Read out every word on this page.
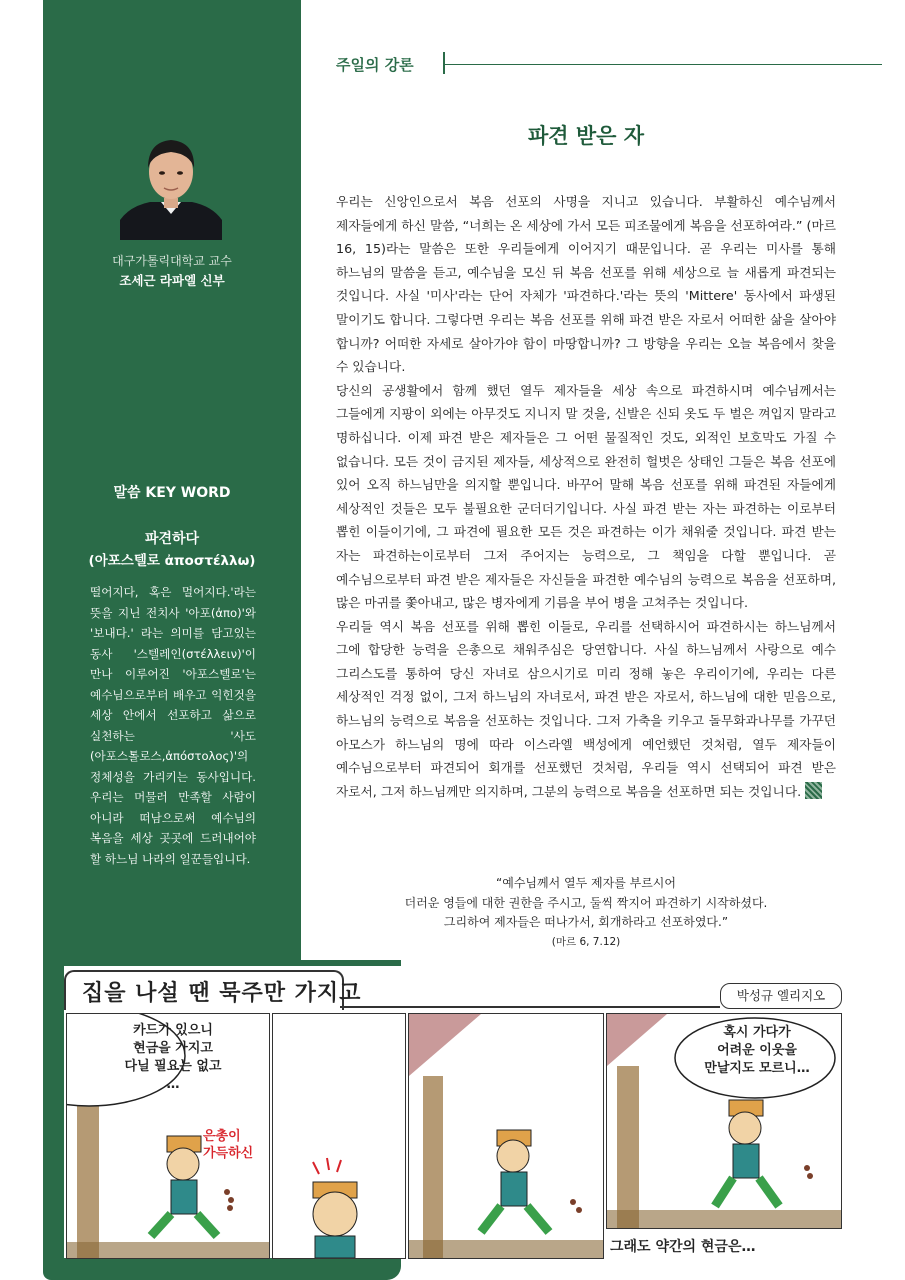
대구가톨릭대학교 교수
조세근 라파엘 신부
말씀 KEY WORD
파견하다
(아포스텔로 ἀποστέλλω)
떨어지다, 혹은 멀어지다.'라는 뜻을 지닌 전치사 '아포(ἀπο)'와 '보내다.' 라는 의미를 담고있는 동사 '스텔레인(στέλλειν)'이 만나 이루어진 '아포스텔로'는 예수님으로부터 배우고 익힌것을 세상 안에서 선포하고 삶으로 실천하는 '사도(아포스톨로스,ἀπόστολος)'의 정체성을 가리키는 동사입니다. 우리는 머물러 만족할 사람이 아니라 떠남으로써 예수님의 복음을 세상 곳곳에 드러내어야 할 하느님 나라의 일꾼들입니다.
주일의 강론
파견 받은 자

우리는 신앙인으로서 복음 선포의 사명을 지니고 있습니다. 부활하신 예수님께서 제자들에게 하신 말씀, “너희는 온 세상에 가서 모든 피조물에게 복음을 선포하여라.” (마르 16, 15)라는 말씀은 또한 우리들에게 이어지기 때문입니다. 곧 우리는 미사를 통해 하느님의 말씀을 듣고, 예수님을 모신 뒤 복음 선포를 위해 세상으로 늘 새롭게 파견되는 것입니다. 사실 '미사'라는 단어 자체가 '파견하다.'라는 뜻의 'Mittere' 동사에서 파생된 말이기도 합니다. 그렇다면 우리는 복음 선포를 위해 파견 받은 자로서 어떠한 삶을 살아야 합니까? 어떠한 자세로 살아가야 함이 마땅합니까? 그 방향을 우리는 오늘 복음에서 찾을 수 있습니다.

당신의 공생활에서 함께 했던 열두 제자들을 세상 속으로 파견하시며 예수님께서는 그들에게 지팡이 외에는 아무것도 지니지 말 것을, 신발은 신되 옷도 두 벌은 껴입지 말라고 명하십니다. 이제 파견 받은 제자들은 그 어떤 물질적인 것도, 외적인 보호막도 가질 수 없습니다. 모든 것이 금지된 제자들, 세상적으로 완전히 헐벗은 상태인 그들은 복음 선포에 있어 오직 하느님만을 의지할 뿐입니다. 바꾸어 말해 복음 선포를 위해 파견된 자들에게 세상적인 것들은 모두 불필요한 군더더기입니다. 사실 파견 받는 자는 파견하는 이로부터 뽑힌 이들이기에, 그 파견에 필요한 모든 것은 파견하는 이가 채워줄 것입니다. 파견 받는 자는 파견하는이로부터 그저 주어지는 능력으로, 그 책임을 다할 뿐입니다. 곧 예수님으로부터 파견 받은 제자들은 자신들을 파견한 예수님의 능력으로 복음을 선포하며, 많은 마귀를 쫓아내고, 많은 병자에게 기름을 부어 병을 고쳐주는 것입니다.

우리들 역시 복음 선포를 위해 뽑힌 이들로, 우리를 선택하시어 파견하시는 하느님께서 그에 합당한 능력을 은총으로 채워주심은 당연합니다. 사실 하느님께서 사랑으로 예수 그리스도를 통하여 당신 자녀로 삼으시기로 미리 정해 놓은 우리이기에, 우리는 다른 세상적인 걱정 없이, 그저 하느님의 자녀로서, 파견 받은 자로서, 하느님에 대한 믿음으로, 하느님의 능력으로 복음을 선포하는 것입니다. 그저 가축을 키우고 돌무화과나무를 가꾸던 아모스가 하느님의 명에 따라 이스라엘 백성에게 예언했던 것처럼, 열두 제자들이 예수님으로부터 파견되어 회개를 선포했던 것처럼, 우리들 역시 선택되어 파견 받은 자로서, 그저 하느님께만 의지하며, 그분의 능력으로 복음을 선포하면 되는 것입니다.

“예수님께서 열두 제자를 부르시어
더러운 영들에 대한 권한을 주시고, 둘씩 짝지어 파견하기 시작하셨다.
그리하여 제자들은 떠나가서, 회개하라고 선포하였다.”
(마르 6, 7.12)
집을 나설 땐 묵주만 가지고	박성규 엘리지오
카드가 있으니
현금을 가지고
다닐 필요는 없고
…
은총이
가득하신
혹시 가다가
어려운 이웃을
만날지도 모르니…
그래도 약간의 현금은…
